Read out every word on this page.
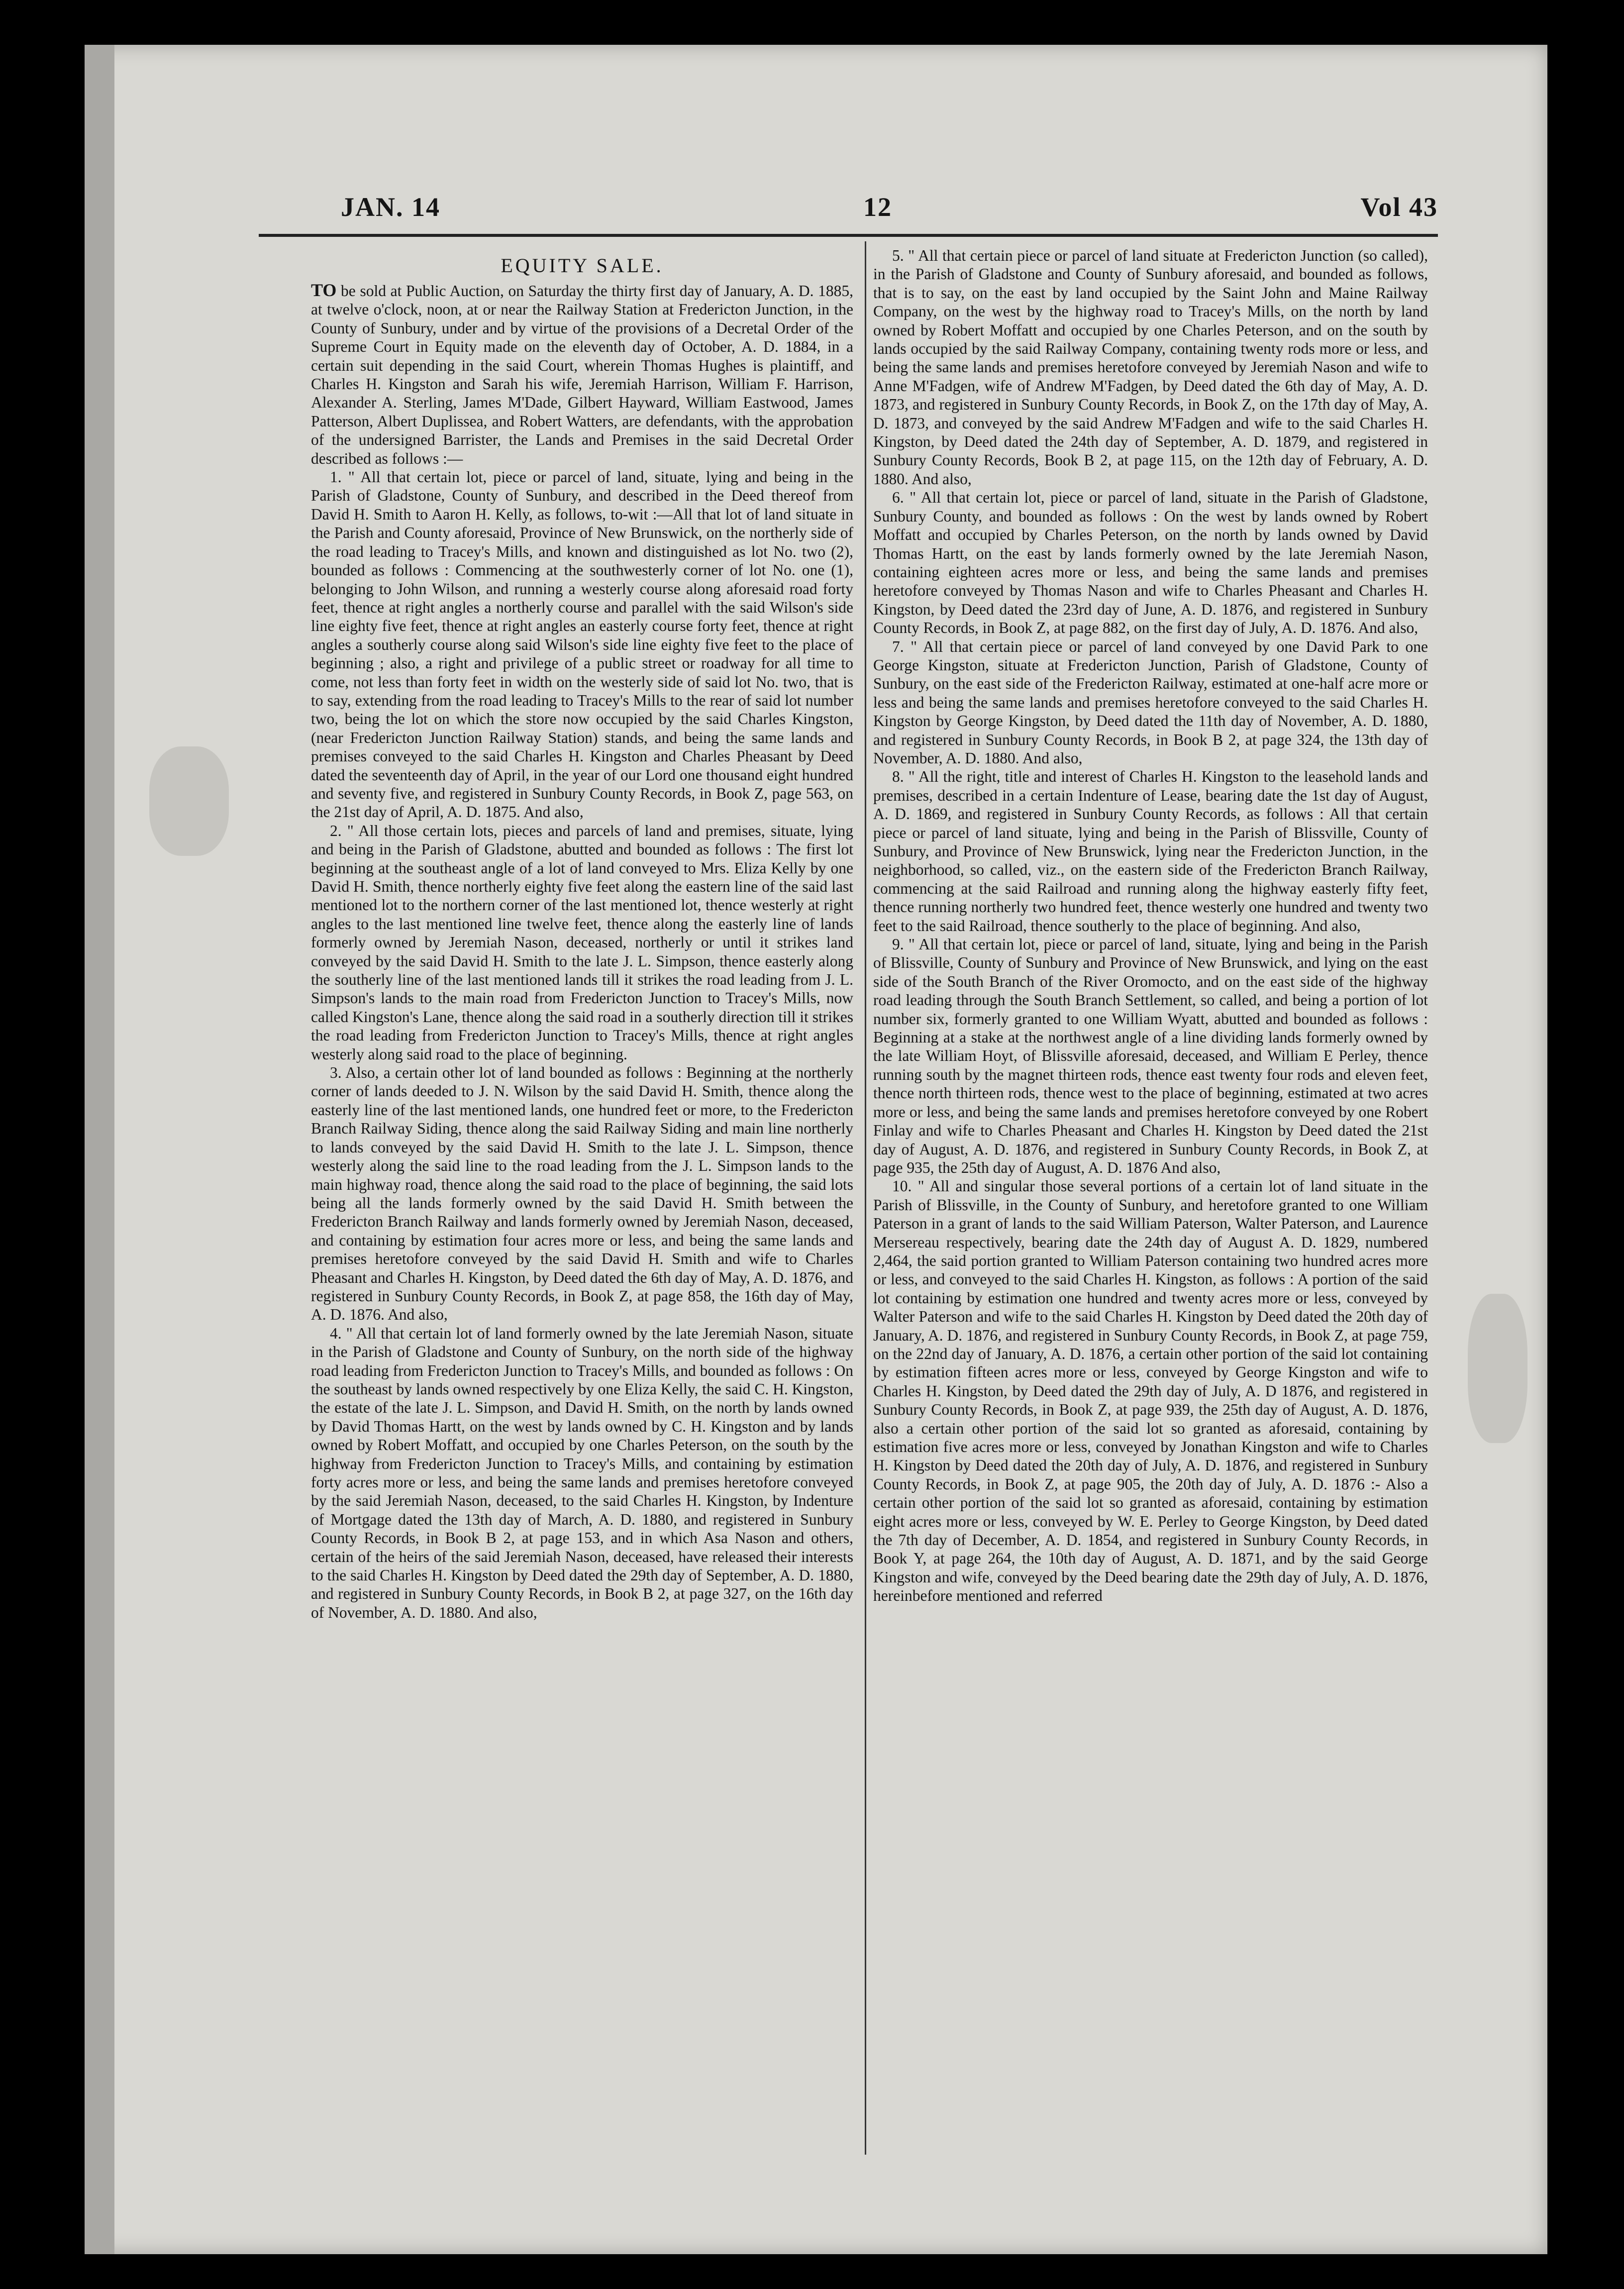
JAN. 14	12	Vol 43

EQUITY SALE.

TO be sold at Public Auction, on Saturday the thirty first day of January, A. D. 1885, at twelve o'clock, noon, at or near the Railway Station at Fredericton Junction, in the County of Sunbury, under and by virtue of the provisions of a Decretal Order of the Supreme Court in Equity made on the eleventh day of October, A. D. 1884, in a certain suit depending in the said Court, wherein Thomas Hughes is plaintiff, and Charles H. Kingston and Sarah his wife, Jeremiah Harrison, William F. Harrison, Alexander A. Sterling, James M'Dade, Gilbert Hayward, William Eastwood, James Patterson, Albert Duplissea, and Robert Watters, are defendants, with the approbation of the undersigned Barrister, the Lands and Premises in the said Decretal Order described as follows :—

1. " All that certain lot, piece or parcel of land, situate, lying and being in the Parish of Gladstone, County of Sunbury, and described in the Deed thereof from David H. Smith to Aaron H. Kelly, as follows, to-wit :—All that lot of land situate in the Parish and County aforesaid, Province of New Brunswick, on the northerly side of the road leading to Tracey's Mills, and known and distinguished as lot No. two (2), bounded as follows : Commencing at the southwesterly corner of lot No. one (1), belonging to John Wilson, and running a westerly course along aforesaid road forty feet, thence at right angles a northerly course and parallel with the said Wilson's side line eighty five feet, thence at right angles an easterly course forty feet, thence at right angles a southerly course along said Wilson's side line eighty five feet to the place of beginning ; also, a right and privilege of a public street or roadway for all time to come, not less than forty feet in width on the westerly side of said lot No. two, that is to say, extending from the road leading to Tracey's Mills to the rear of said lot number two, being the lot on which the store now occupied by the said Charles Kingston, (near Fredericton Junction Railway Station) stands, and being the same lands and premises conveyed to the said Charles H. Kingston and Charles Pheasant by Deed dated the seventeenth day of April, in the year of our Lord one thousand eight hundred and seventy five, and registered in Sunbury County Records, in Book Z, page 563, on the 21st day of April, A. D. 1875. And also,

2. " All those certain lots, pieces and parcels of land and premises, situate, lying and being in the Parish of Gladstone, abutted and bounded as follows : The first lot beginning at the southeast angle of a lot of land conveyed to Mrs. Eliza Kelly by one David H. Smith, thence northerly eighty five feet along the eastern line of the said last mentioned lot to the northern corner of the last mentioned lot, thence westerly at right angles to the last mentioned line twelve feet, thence along the easterly line of lands formerly owned by Jeremiah Nason, deceased, northerly or until it strikes land conveyed by the said David H. Smith to the late J. L. Simpson, thence easterly along the southerly line of the last mentioned lands till it strikes the road leading from J. L. Simpson's lands to the main road from Fredericton Junction to Tracey's Mills, now called Kingston's Lane, thence along the said road in a southerly direction till it strikes the road leading from Fredericton Junction to Tracey's Mills, thence at right angles westerly along said road to the place of beginning.

3. Also, a certain other lot of land bounded as follows : Beginning at the northerly corner of lands deeded to J. N. Wilson by the said David H. Smith, thence along the easterly line of the last mentioned lands, one hundred feet or more, to the Fredericton Branch Railway Siding, thence along the said Railway Siding and main line northerly to lands conveyed by the said David H. Smith to the late J. L. Simpson, thence westerly along the said line to the road leading from the J. L. Simpson lands to the main highway road, thence along the said road to the place of beginning, the said lots being all the lands formerly owned by the said David H. Smith between the Fredericton Branch Railway and lands formerly owned by Jeremiah Nason, deceased, and containing by estimation four acres more or less, and being the same lands and premises heretofore conveyed by the said David H. Smith and wife to Charles Pheasant and Charles H. Kingston, by Deed dated the 6th day of May, A. D. 1876, and registered in Sunbury County Records, in Book Z, at page 858, the 16th day of May, A. D. 1876. And also,

4. " All that certain lot of land formerly owned by the late Jeremiah Nason, situate in the Parish of Gladstone and County of Sunbury, on the north side of the highway road leading from Fredericton Junction to Tracey's Mills, and bounded as follows : On the southeast by lands owned respectively by one Eliza Kelly, the said C. H. Kingston, the estate of the late J. L. Simpson, and David H. Smith, on the north by lands owned by David Thomas Hartt, on the west by lands owned by C. H. Kingston and by lands owned by Robert Moffatt, and occupied by one Charles Peterson, on the south by the highway from Fredericton Junction to Tracey's Mills, and containing by estimation forty acres more or less, and being the same lands and premises heretofore conveyed by the said Jeremiah Nason, deceased, to the said Charles H. Kingston, by Indenture of Mortgage dated the 13th day of March, A. D. 1880, and registered in Sunbury County Records, in Book B 2, at page 153, and in which Asa Nason and others, certain of the heirs of the said Jeremiah Nason, deceased, have released their interests to the said Charles H. Kingston by Deed dated the 29th day of September, A. D. 1880, and registered in Sunbury County Records, in Book B 2, at page 327, on the 16th day of November, A. D. 1880. And also,

5. " All that certain piece or parcel of land situate at Fredericton Junction (so called), in the Parish of Gladstone and County of Sunbury aforesaid, and bounded as follows, that is to say, on the east by land occupied by the Saint John and Maine Railway Company, on the west by the highway road to Tracey's Mills, on the north by land owned by Robert Moffatt and occupied by one Charles Peterson, and on the south by lands occupied by the said Railway Company, containing twenty rods more or less, and being the same lands and premises heretofore conveyed by Jeremiah Nason and wife to Anne M'Fadgen, wife of Andrew M'Fadgen, by Deed dated the 6th day of May, A. D. 1873, and registered in Sunbury County Records, in Book Z, on the 17th day of May, A. D. 1873, and conveyed by the said Andrew M'Fadgen and wife to the said Charles H. Kingston, by Deed dated the 24th day of September, A. D. 1879, and registered in Sunbury County Records, Book B 2, at page 115, on the 12th day of February, A. D. 1880. And also,

6. " All that certain lot, piece or parcel of land, situate in the Parish of Gladstone, Sunbury County, and bounded as follows : On the west by lands owned by Robert Moffatt and occupied by Charles Peterson, on the north by lands owned by David Thomas Hartt, on the east by lands formerly owned by the late Jeremiah Nason, containing eighteen acres more or less, and being the same lands and premises heretofore conveyed by Thomas Nason and wife to Charles Pheasant and Charles H. Kingston, by Deed dated the 23rd day of June, A. D. 1876, and registered in Sunbury County Records, in Book Z, at page 882, on the first day of July, A. D. 1876. And also,

7. " All that certain piece or parcel of land conveyed by one David Park to one George Kingston, situate at Fredericton Junction, Parish of Gladstone, County of Sunbury, on the east side of the Fredericton Railway, estimated at one-half acre more or less and being the same lands and premises heretofore conveyed to the said Charles H. Kingston by George Kingston, by Deed dated the 11th day of November, A. D. 1880, and registered in Sunbury County Records, in Book B 2, at page 324, the 13th day of November, A. D. 1880. And also,

8. " All the right, title and interest of Charles H. Kingston to the leasehold lands and premises, described in a certain Indenture of Lease, bearing date the 1st day of August, A. D. 1869, and registered in Sunbury County Records, as follows : All that certain piece or parcel of land situate, lying and being in the Parish of Blissville, County of Sunbury, and Province of New Brunswick, lying near the Fredericton Junction, in the neighborhood, so called, viz., on the eastern side of the Fredericton Branch Railway, commencing at the said Railroad and running along the highway easterly fifty feet, thence running northerly two hundred feet, thence westerly one hundred and twenty two feet to the said Railroad, thence southerly to the place of beginning. And also,

9. " All that certain lot, piece or parcel of land, situate, lying and being in the Parish of Blissville, County of Sunbury and Province of New Brunswick, and lying on the east side of the South Branch of the River Oromocto, and on the east side of the highway road leading through the South Branch Settlement, so called, and being a portion of lot number six, formerly granted to one William Wyatt, abutted and bounded as follows : Beginning at a stake at the northwest angle of a line dividing lands formerly owned by the late William Hoyt, of Blissville aforesaid, deceased, and William E Perley, thence running south by the magnet thirteen rods, thence east twenty four rods and eleven feet, thence north thirteen rods, thence west to the place of beginning, estimated at two acres more or less, and being the same lands and premises heretofore conveyed by one Robert Finlay and wife to Charles Pheasant and Charles H. Kingston by Deed dated the 21st day of August, A. D. 1876, and registered in Sunbury County Records, in Book Z, at page 935, the 25th day of August, A. D. 1876 And also,

10. " All and singular those several portions of a certain lot of land situate in the Parish of Blissville, in the County of Sunbury, and heretofore granted to one William Paterson in a grant of lands to the said William Paterson, Walter Paterson, and Laurence Mersereau respectively, bearing date the 24th day of August A. D. 1829, numbered 2,464, the said portion granted to William Paterson containing two hundred acres more or less, and conveyed to the said Charles H. Kingston, as follows : A portion of the said lot containing by estimation one hundred and twenty acres more or less, conveyed by Walter Paterson and wife to the said Charles H. Kingston by Deed dated the 20th day of January, A. D. 1876, and registered in Sunbury County Records, in Book Z, at page 759, on the 22nd day of January, A. D. 1876, a certain other portion of the said lot containing by estimation fifteen acres more or less, conveyed by George Kingston and wife to Charles H. Kingston, by Deed dated the 29th day of July, A. D 1876, and registered in Sunbury County Records, in Book Z, at page 939, the 25th day of August, A. D. 1876, also a certain other portion of the said lot so granted as aforesaid, containing by estimation five acres more or less, conveyed by Jonathan Kingston and wife to Charles H. Kingston by Deed dated the 20th day of July, A. D. 1876, and registered in Sunbury County Records, in Book Z, at page 905, the 20th day of July, A. D. 1876 :- Also a certain other portion of the said lot so granted as aforesaid, containing by estimation eight acres more or less, conveyed by W. E. Perley to George Kingston, by Deed dated the 7th day of December, A. D. 1854, and registered in Sunbury County Records, in Book Y, at page 264, the 10th day of August, A. D. 1871, and by the said George Kingston and wife, conveyed by the Deed bearing date the 29th day of July, A. D. 1876, hereinbefore mentioned and referred
